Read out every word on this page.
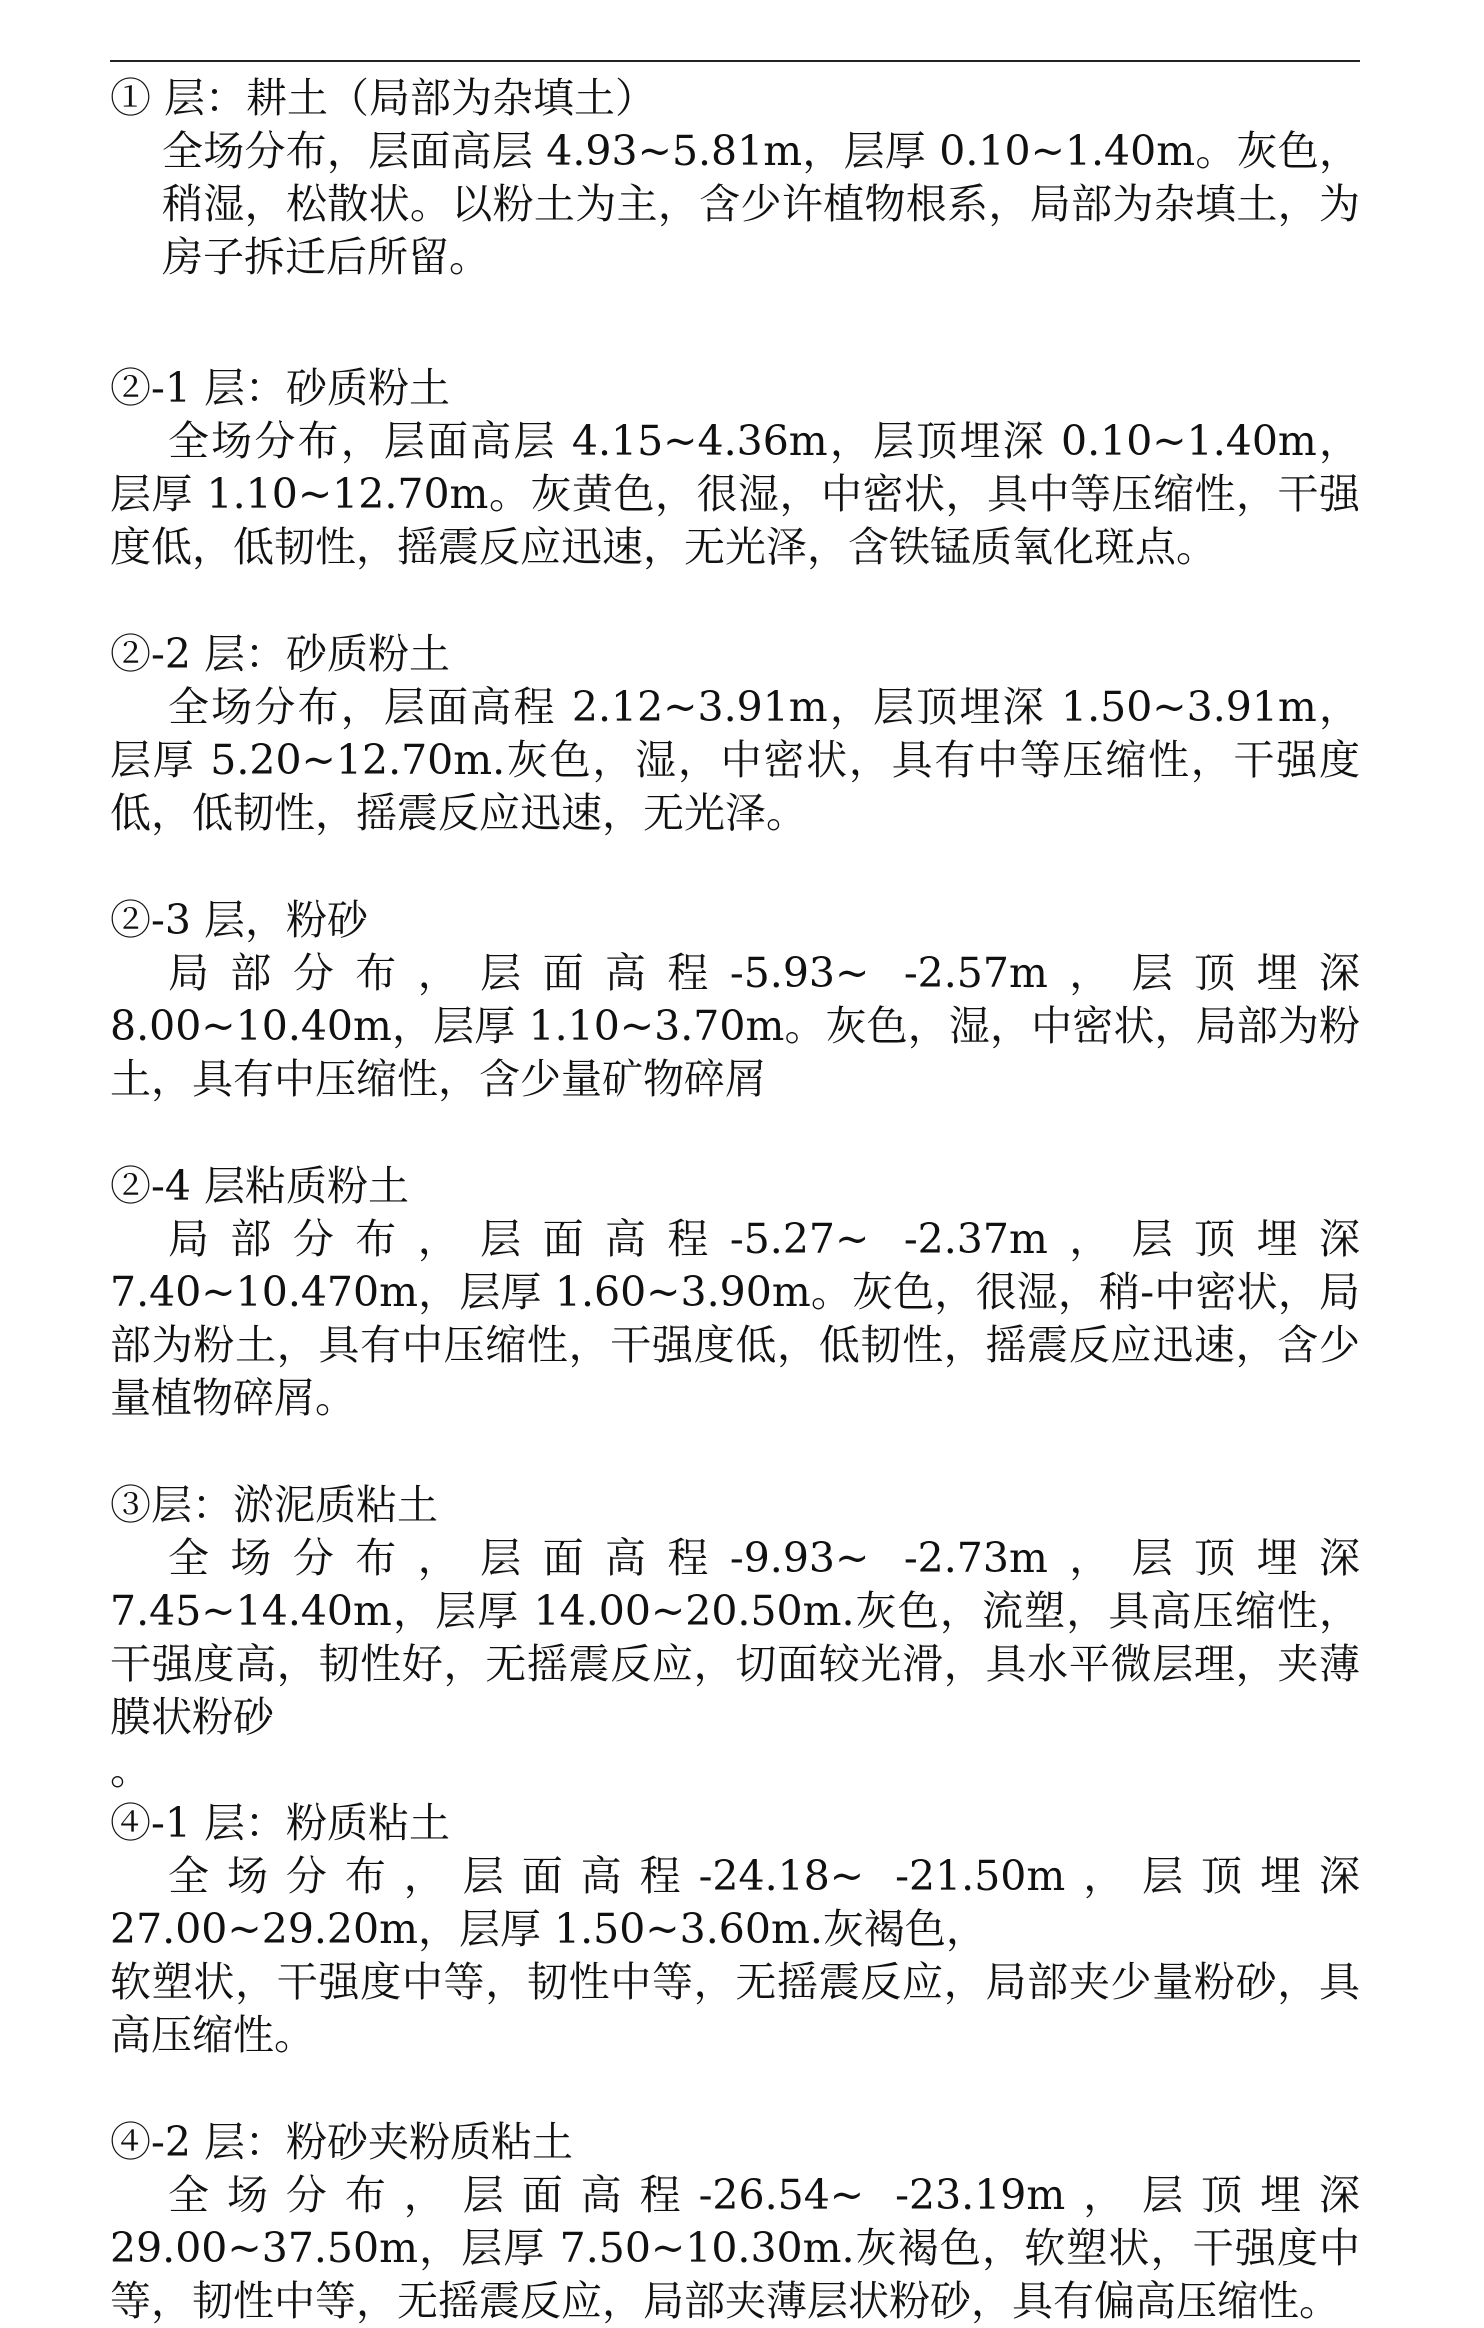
① 层：耕土（局部为杂填土）

全场分布，层面高层 4.93~5.81m，层厚 0.10~1.40m。灰色，稍湿，松散状。以粉土为主，含少许植物根系，局部为杂填土，为房子拆迁后所留。

②-1 层：砂质粉土

全场分布，层面高层 4.15~4.36m，层顶埋深 0.10~1.40m，层厚 1.10~12.70m。灰黄色，很湿，中密状，具中等压缩性，干强度低，低韧性，摇震反应迅速，无光泽，含铁锰质氧化斑点。

②-2 层：砂质粉土

全场分布，层面高程 2.12~3.91m，层顶埋深 1.50~3.91m，层厚 5.20~12.70m.灰色，湿，中密状，具有中等压缩性，干强度低，低韧性，摇震反应迅速，无光泽。

②-3 层，粉砂

局部分布，层面高程-5.93~ -2.57m，层顶埋深 8.00~10.40m，层厚 1.10~3.70m。灰色，湿，中密状，局部为粉土，具有中压缩性，含少量矿物碎屑

②-4 层粘质粉土

局部分布，层面高程-5.27~ -2.37m，层顶埋深 7.40~10.470m，层厚 1.60~3.90m。灰色，很湿，稍-中密状，局部为粉土，具有中压缩性，干强度低，低韧性，摇震反应迅速，含少量植物碎屑。

③层：淤泥质粘土

全场分布，层面高程-9.93~ -2.73m，层顶埋深 7.45~14.40m，层厚 14.00~20.50m.灰色，流塑，具高压缩性，干强度高，韧性好，无摇震反应，切面较光滑，具水平微层理，夹薄膜状粉砂

。

④-1 层：粉质粘土

全场分布，层面高程-24.18~ -21.50m，层顶埋深 27.00~29.20m，层厚 1.50~3.60m.灰褐色，

软塑状，干强度中等，韧性中等，无摇震反应，局部夹少量粉砂，具高压缩性。

④-2 层：粉砂夹粉质粘土

全场分布，层面高程-26.54~ -23.19m，层顶埋深 29.00~37.50m，层厚 7.50~10.30m.灰褐色，软塑状，干强度中等，韧性中等，无摇震反应，局部夹薄层状粉砂，具有偏高压缩性。
